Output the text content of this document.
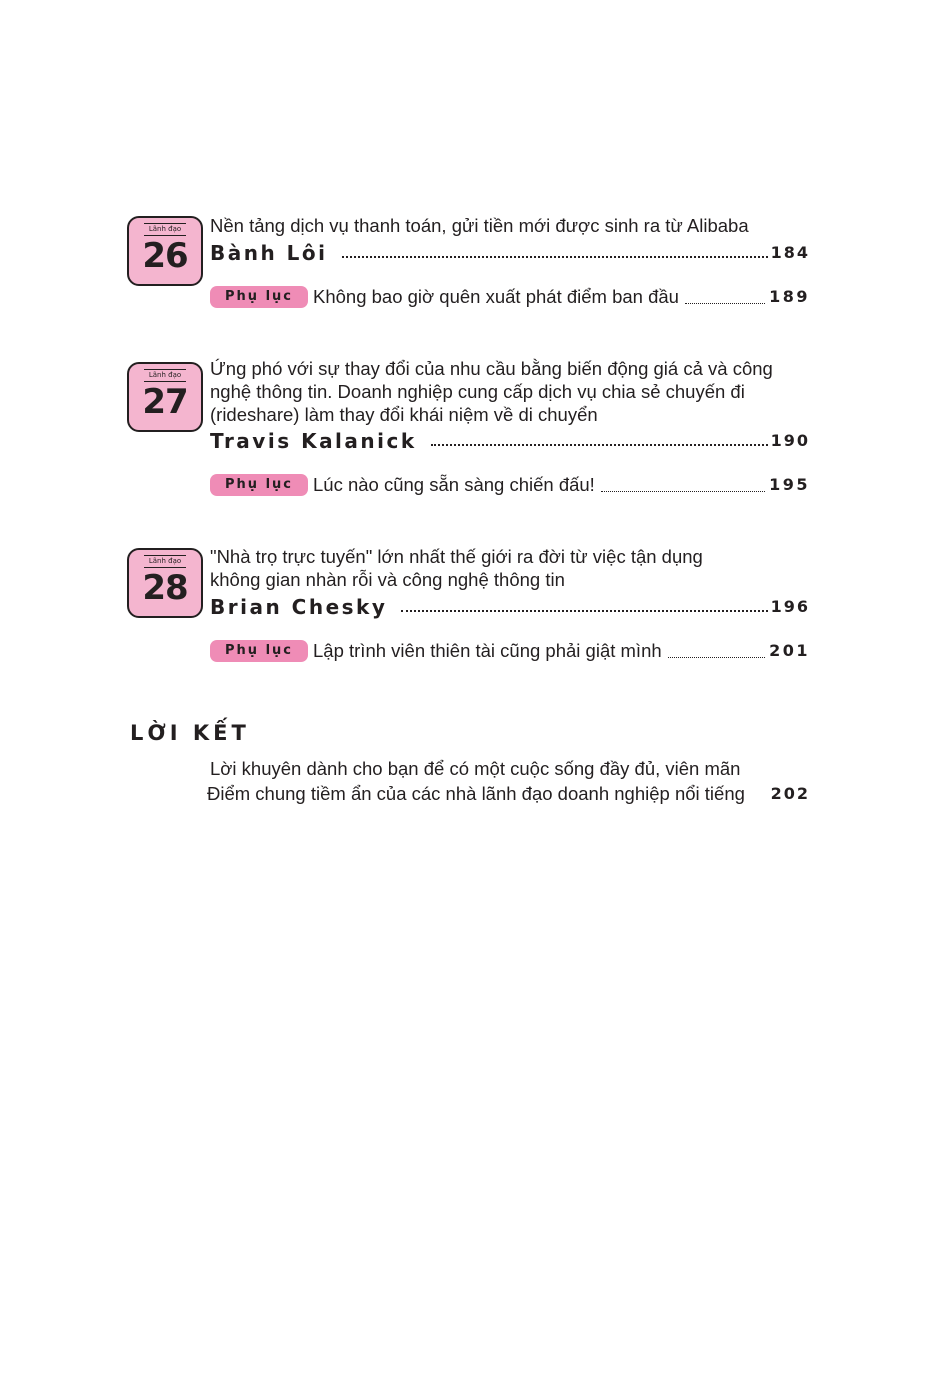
Lãnh đạo
26
Nền tảng dịch vụ thanh toán, gửi tiền mới được sinh ra từ Alibaba
Bành Lôi	184
Phụ lục	Không bao giờ quên xuất phát điểm ban đầu	189
Lãnh đạo
27
Ứng phó với sự thay đổi của nhu cầu bằng biến động giá cả và công
nghệ thông tin. Doanh nghiệp cung cấp dịch vụ chia sẻ chuyến đi
(rideshare) làm thay đổi khái niệm về di chuyển
Travis Kalanick	190
Phụ lục	Lúc nào cũng sẵn sàng chiến đấu!	195
Lãnh đạo
28
"Nhà trọ trực tuyến" lớn nhất thế giới ra đời từ việc tận dụng
không gian nhàn rỗi và công nghệ thông tin
Brian Chesky	196
Phụ lục	Lập trình viên thiên tài cũng phải giật mình	201
LỜI KẾT
Lời khuyên dành cho bạn để có một cuộc sống đầy đủ, viên mãn
Điểm chung tiềm ẩn của các nhà lãnh đạo doanh nghiệp nổi tiếng 202
